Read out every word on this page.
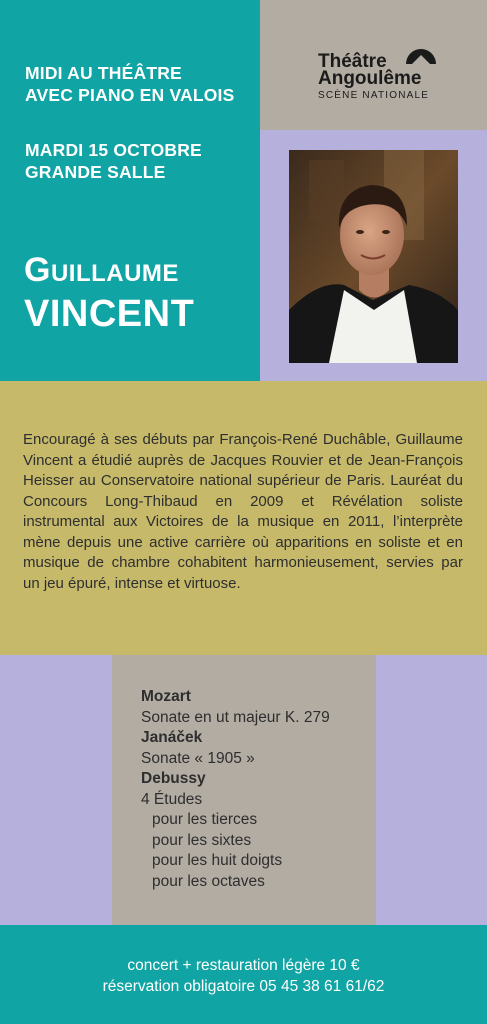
MIDI AU THÉÂTRE
AVEC PIANO EN VALOIS
MARDI 15 OCTOBRE
GRANDE SALLE
Guillaume
VINCENT
Théâtre
Angoulême
SCÈNE NATIONALE
Encouragé à ses débuts par François-René Duchâble, Guillaume Vincent a étudié auprès de Jacques Rouvier et de Jean-François Heisser au Conservatoire national supérieur de Paris. Lauréat du Concours Long-Thibaud en 2009 et Révélation soliste instrumental aux Victoires de la musique en 2011, l’interprète mène depuis une active carrière où apparitions en soliste et en musique de chambre cohabitent harmonieusement, servies par un jeu épuré, intense et virtuose.
Mozart
Sonate en ut majeur K. 279
Janáček
Sonate « 1905 »
Debussy
4 Études
pour les tierces
pour les sixtes
pour les huit doigts
pour les octaves
concert + restauration légère 10 €
réservation obligatoire 05 45 38 61 61/62
